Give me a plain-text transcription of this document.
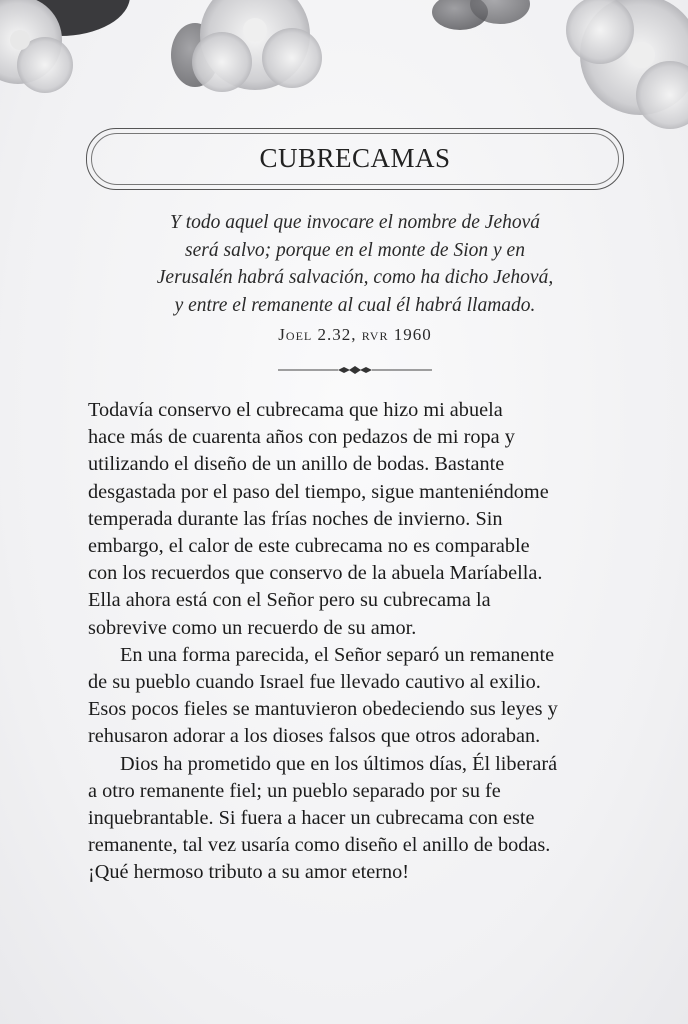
CUBRECAMAS
Y todo aquel que invocare el nombre de Jehová
será salvo; porque en el monte de Sion y en
Jerusalén habrá salvación, como ha dicho Jehová,
y entre el remanente al cual él habrá llamado.
Joel 2.32, rvr 1960
Todavía conservo el cubrecama que hizo mi abuela
hace más de cuarenta años con pedazos de mi ropa y
utilizando el diseño de un anillo de bodas. Bastante
desgastada por el paso del tiempo, sigue manteniéndome
temperada durante las frías noches de invierno. Sin
embargo, el calor de este cubrecama no es comparable
con los recuerdos que conservo de la abuela Maríabella.
Ella ahora está con el Señor pero su cubrecama la
sobrevive como un recuerdo de su amor.
En una forma parecida, el Señor separó un remanente
de su pueblo cuando Israel fue llevado cautivo al exilio.
Esos pocos fieles se mantuvieron obedeciendo sus leyes y
rehusaron adorar a los dioses falsos que otros adoraban.
Dios ha prometido que en los últimos días, Él liberará
a otro remanente fiel; un pueblo separado por su fe
inquebrantable. Si fuera a hacer un cubrecama con este
remanente, tal vez usaría como diseño el anillo de bodas.
¡Qué hermoso tributo a su amor eterno!
